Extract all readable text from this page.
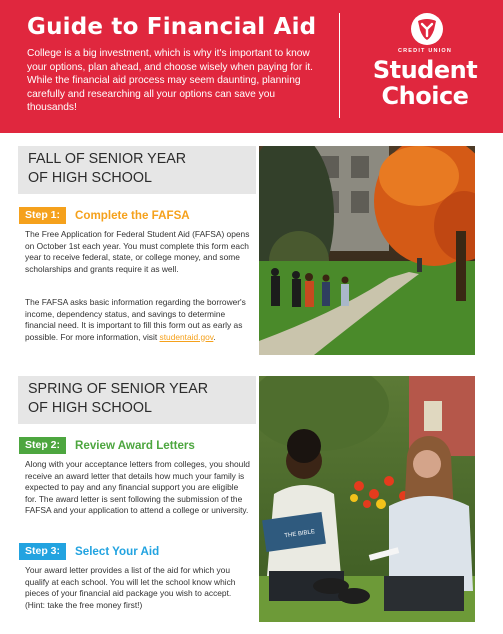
Guide to Financial Aid
College is a big investment, which is why it's important to know your options, plan ahead, and choose wisely when paying for it. While the financial aid process may seem daunting, planning carefully and researching all your options can save you thousands!
CREDIT UNION
Student
Choice
FALL OF SENIOR YEAR
OF HIGH SCHOOL
Step 1:	Complete the FAFSA
The Free Application for Federal Student Aid (FAFSA) opens on October 1st each year. You must complete this form each year to receive federal, state, or college money, and some scholarships and grants require it as well.
The FAFSA asks basic information regarding the borrower's income, dependency status, and savings to determine financial need. It is important to fill this form out as early as possible. For more information, visit studentaid.gov.
SPRING OF SENIOR YEAR
OF HIGH SCHOOL
Step 2:	Review Award Letters
Along with your acceptance letters from colleges, you should receive an award letter that details how much your family is expected to pay and any financial support you are eligible for. The award letter is sent following the submission of the FAFSA and your application to attend a college or university.
Step 3:	Select Your Aid
Your award letter provides a list of the aid for which you qualify at each school. You will let the school know which pieces of your financial aid package you wish to accept. (Hint: take the free money first!)
THE BIBLE
